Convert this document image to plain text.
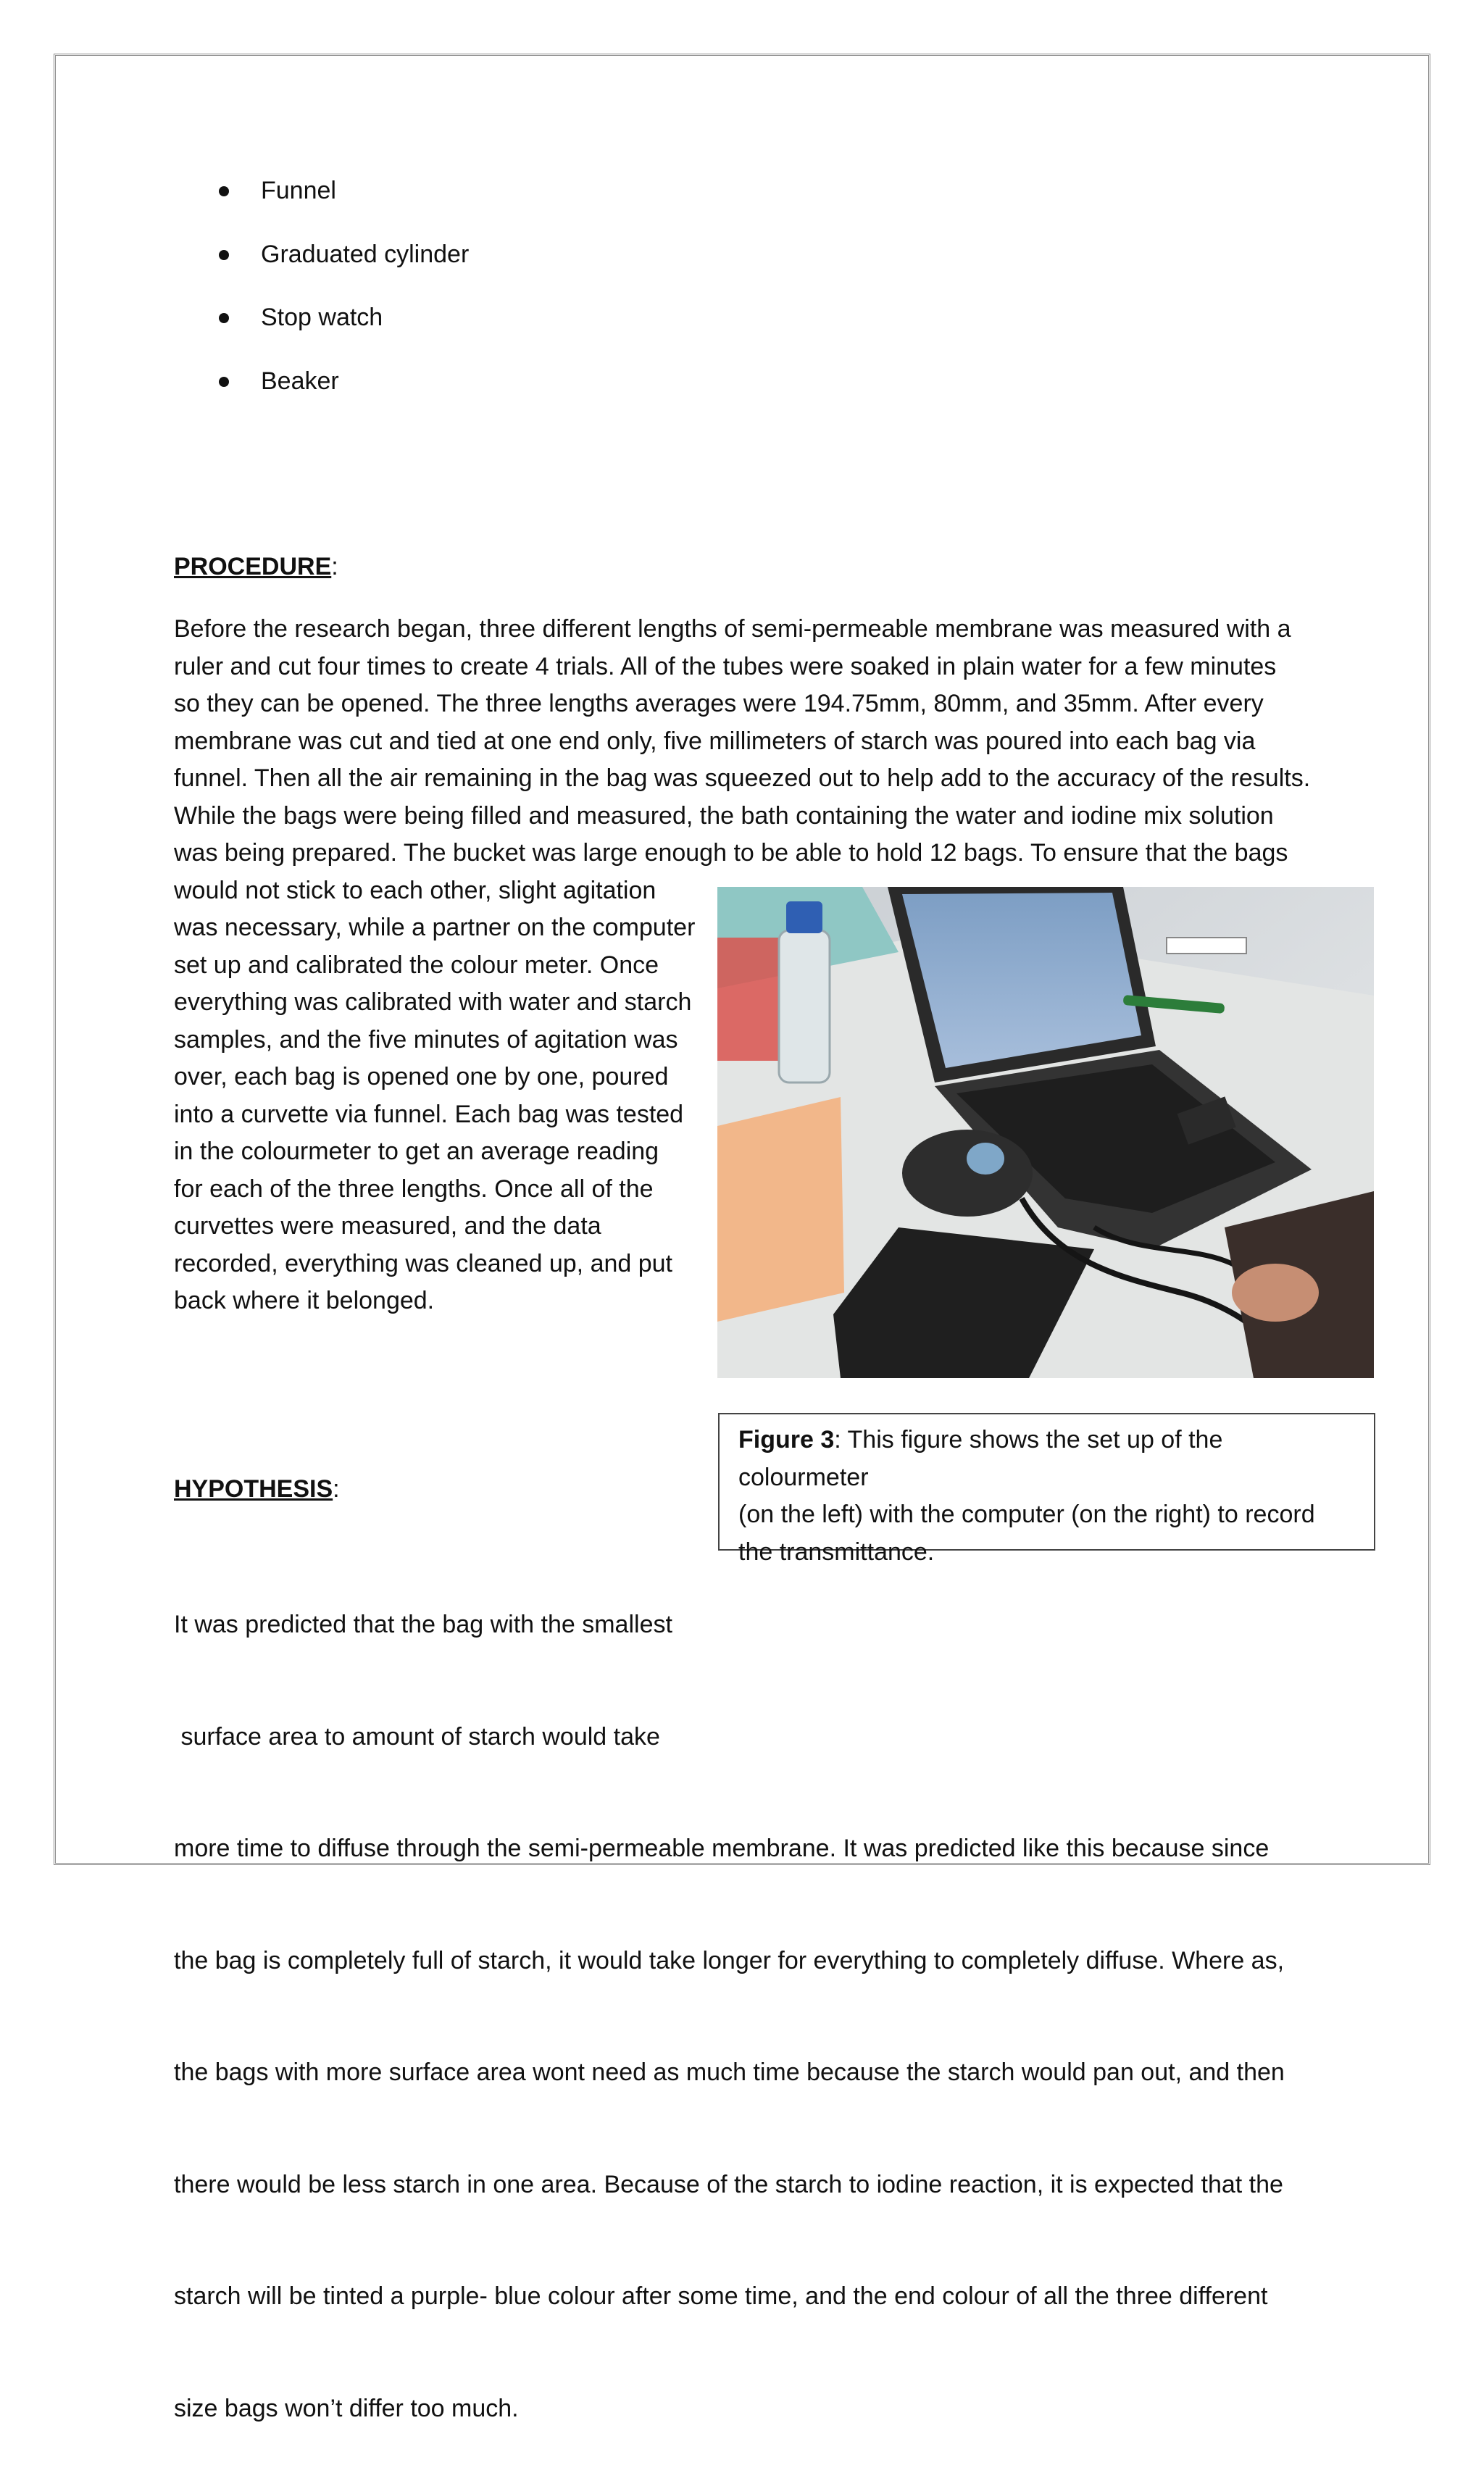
Funnel
Graduated cylinder
Stop watch
Beaker
PROCEDURE:
Before the research began, three different lengths of semi-permeable membrane was measured with a
ruler and cut four times to create 4 trials. All of the tubes were soaked in plain water for a few minutes
so they can be opened. The three lengths averages were 194.75mm, 80mm, and 35mm. After every
membrane was cut and tied at one end only, five millimeters of starch was poured into each bag via
funnel. Then all the air remaining in the bag was squeezed out to help add to the accuracy of the results.
While the bags were being filled and measured, the bath containing the water and iodine mix solution
was being prepared. The bucket was large enough to be able to hold 12 bags. To ensure that the bags
would not stick to each other, slight agitation
was necessary, while a partner on the computer
set up and calibrated the colour meter. Once
everything was calibrated with water and starch
samples, and the five minutes of agitation was
over, each bag is opened one by one, poured
into a curvette via funnel. Each bag was tested
in the colourmeter to get an average reading
for each of the three lengths. Once all of the
curvettes were measured, and the data
recorded, everything was cleaned up, and put
back where it belonged.
Figure 3: This figure shows the set up of the colourmeter
(on the left) with the computer (on the right) to record
the transmittance.
HYPOTHESIS:

It was predicted that the bag with the smallest

surface area to amount of starch would take

more time to diffuse through the semi-permeable membrane. It was predicted like this because since

the bag is completely full of starch, it would take longer for everything to completely diffuse. Where as,

the bags with more surface area wont need as much time because the starch would pan out, and then

there would be less starch in one area. Because of the starch to iodine reaction, it is expected that the

starch will be tinted a purple- blue colour after some time, and the end colour of all the three different

size bags won’t differ too much.
